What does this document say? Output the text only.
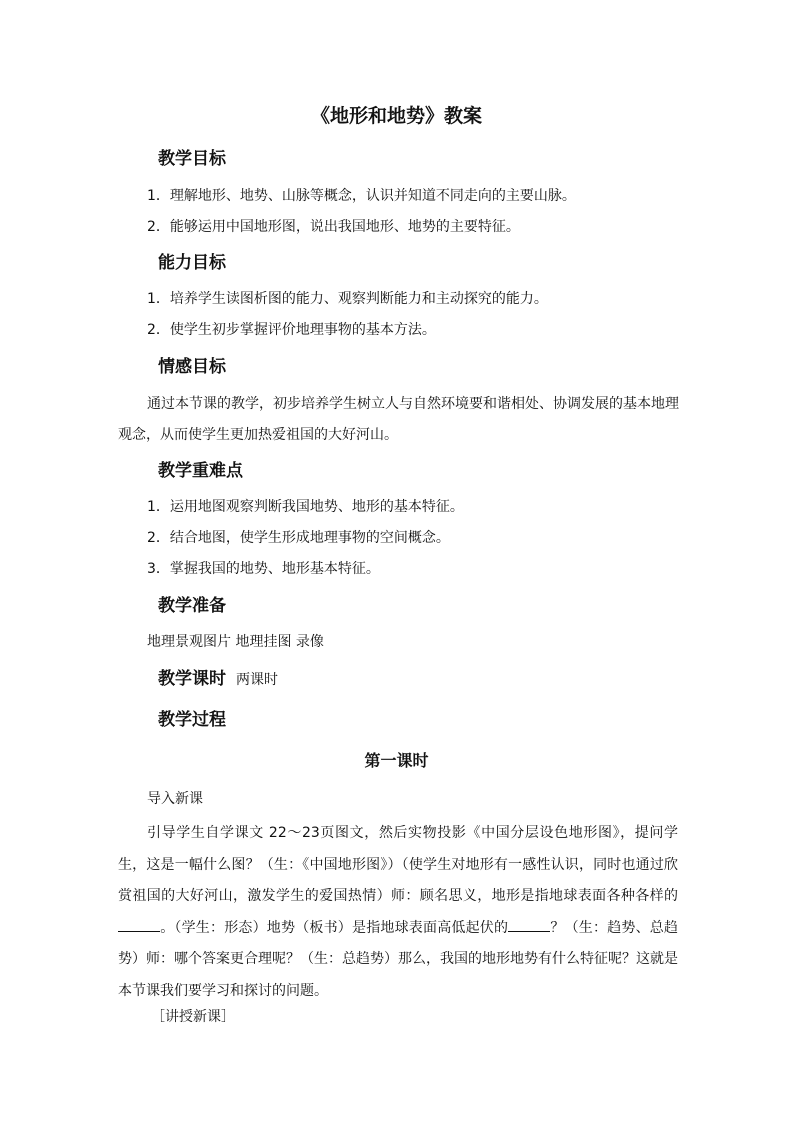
《地形和地势》教案
教学目标
1．理解地形、地势、山脉等概念，认识并知道不同走向的主要山脉。
2．能够运用中国地形图，说出我国地形、地势的主要特征。
能力目标
1．培养学生读图析图的能力、观察判断能力和主动探究的能力。
2．使学生初步掌握评价地理事物的基本方法。
情感目标
通过本节课的教学，初步培养学生树立人与自然环境要和谐相处、协调发展的基本地理
观念，从而使学生更加热爱祖国的大好河山。
教学重难点
1．运用地图观察判断我国地势、地形的基本特征。
2．结合地图，使学生形成地理事物的空间概念。
3．掌握我国的地势、地形基本特征。
教学准备
地理景观图片 地理挂图 录像
教学课时 两课时
教学过程
第一课时
导入新课
引导学生自学课文 22～23页图文，然后实物投影《中国分层设色地形图》，提问学生，这是一幅什么图？（生：《中国地形图》）（使学生对地形有一感性认识，同时也通过欣赏祖国的大好河山，激发学生的爱国热情）师：顾名思义，地形是指地球表面各种各样的。（学生：形态）地势（板书）是指地球表面高低起伏的	？（生：趋势、总趋势）师：哪个答案更合理呢？（生：总趋势）那么，我国的地形地势有什么特征呢？这就是本节课我们要学习和探讨的问题。
［讲授新课］
